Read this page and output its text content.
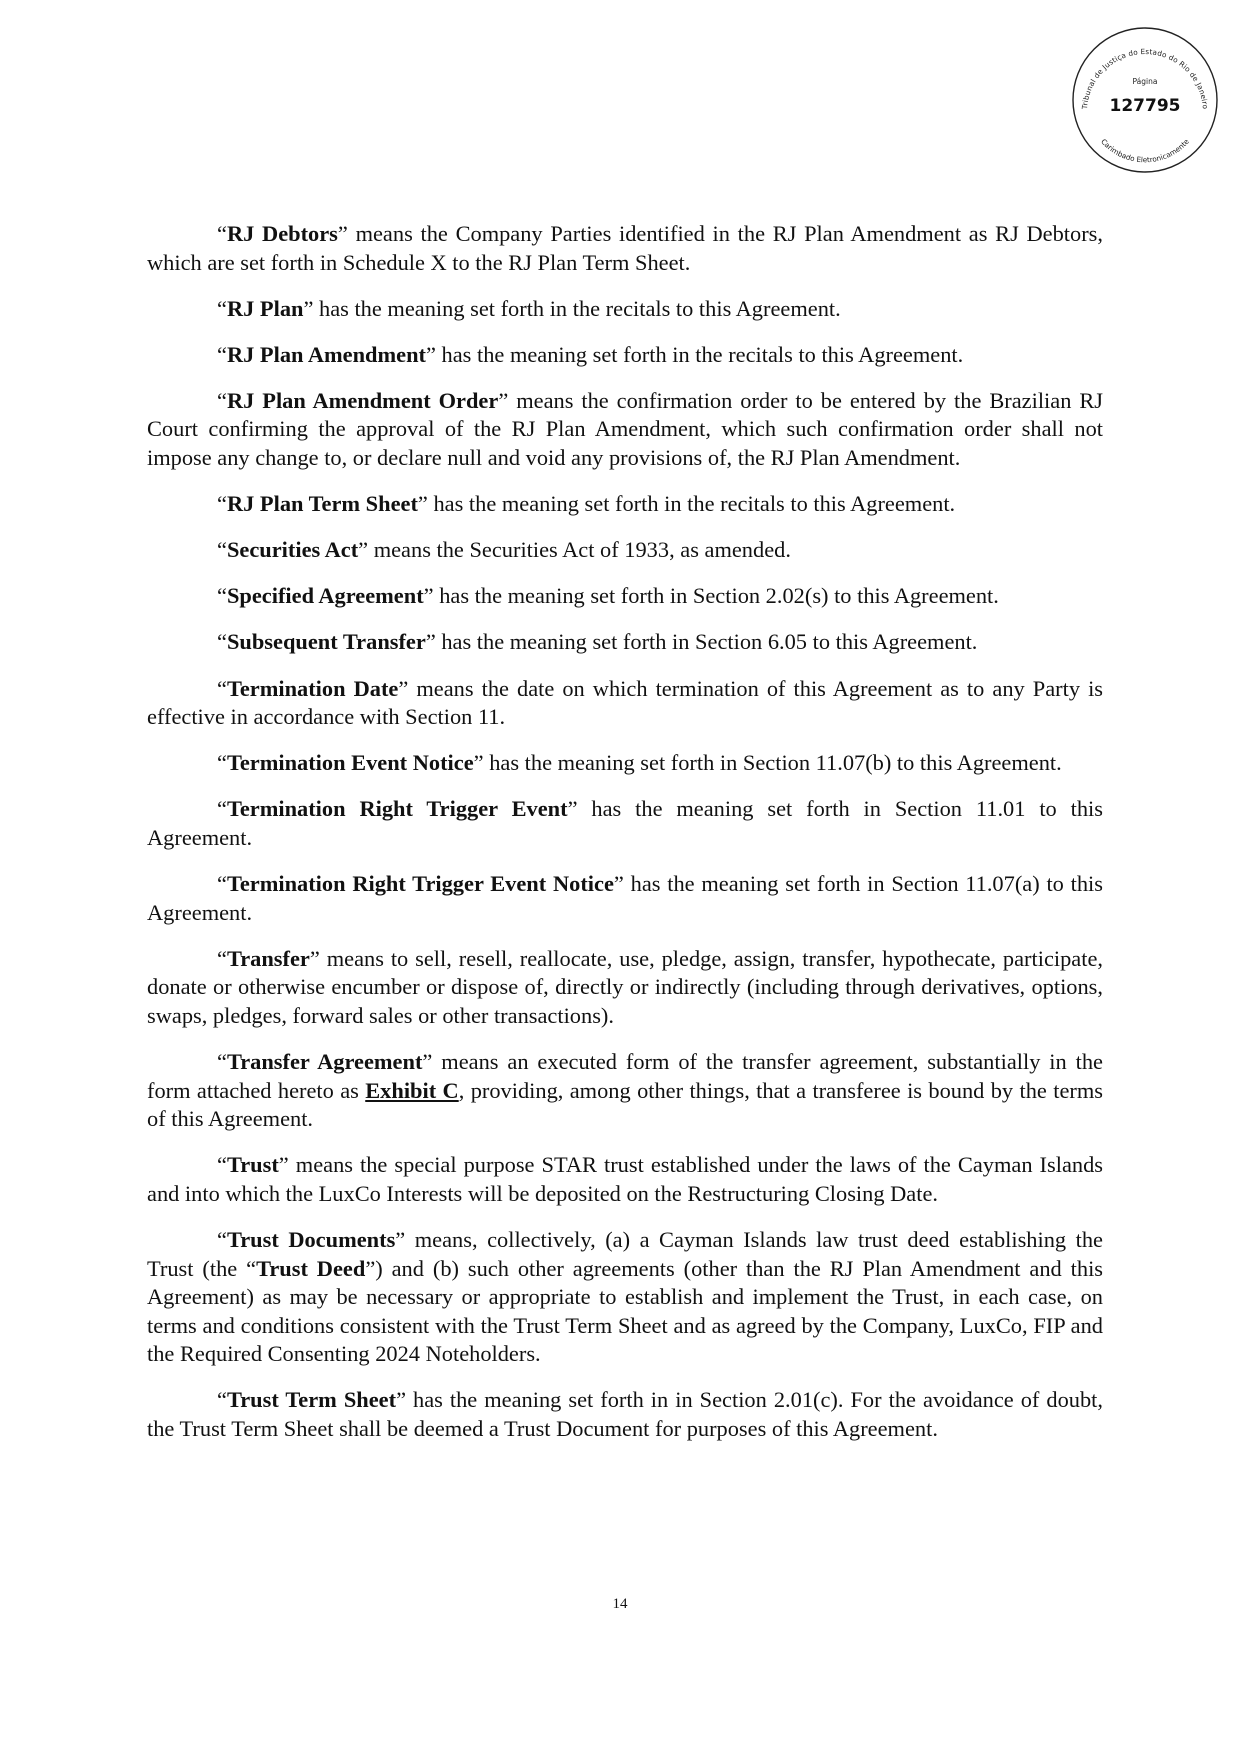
Tribunal de Justiça do Estado do Rio de Janeiro
Carimbado Eletronicamente
Página
127795

“RJ Debtors” means the Company Parties identified in the RJ Plan Amendment as RJ Debtors, which are set forth in Schedule X to the RJ Plan Term Sheet.

“RJ Plan” has the meaning set forth in the recitals to this Agreement.

“RJ Plan Amendment” has the meaning set forth in the recitals to this Agreement.

“RJ Plan Amendment Order” means the confirmation order to be entered by the Brazilian RJ Court confirming the approval of the RJ Plan Amendment, which such confirmation order shall not impose any change to, or declare null and void any provisions of, the RJ Plan Amendment.

“RJ Plan Term Sheet” has the meaning set forth in the recitals to this Agreement.

“Securities Act” means the Securities Act of 1933, as amended.

“Specified Agreement” has the meaning set forth in Section 2.02(s) to this Agreement.

“Subsequent Transfer” has the meaning set forth in Section 6.05 to this Agreement.

“Termination Date” means the date on which termination of this Agreement as to any Party is effective in accordance with Section 11.

“Termination Event Notice” has the meaning set forth in Section 11.07(b) to this Agreement.

“Termination Right Trigger Event” has the meaning set forth in Section 11.01 to this Agreement.

“Termination Right Trigger Event Notice” has the meaning set forth in Section 11.07(a) to this Agreement.

“Transfer” means to sell, resell, reallocate, use, pledge, assign, transfer, hypothecate, participate, donate or otherwise encumber or dispose of, directly or indirectly (including through derivatives, options, swaps, pledges, forward sales or other transactions).

“Transfer Agreement” means an executed form of the transfer agreement, substantially in the form attached hereto as Exhibit C, providing, among other things, that a transferee is bound by the terms of this Agreement.

“Trust” means the special purpose STAR trust established under the laws of the Cayman Islands and into which the LuxCo Interests will be deposited on the Restructuring Closing Date.

“Trust Documents” means, collectively, (a) a Cayman Islands law trust deed establishing the Trust (the “Trust Deed”) and (b) such other agreements (other than the RJ Plan Amendment and this Agreement) as may be necessary or appropriate to establish and implement the Trust, in each case, on terms and conditions consistent with the Trust Term Sheet and as agreed by the Company, LuxCo, FIP and the Required Consenting 2024 Noteholders.

“Trust Term Sheet” has the meaning set forth in in Section 2.01(c). For the avoidance of doubt, the Trust Term Sheet shall be deemed a Trust Document for purposes of this Agreement.

14
